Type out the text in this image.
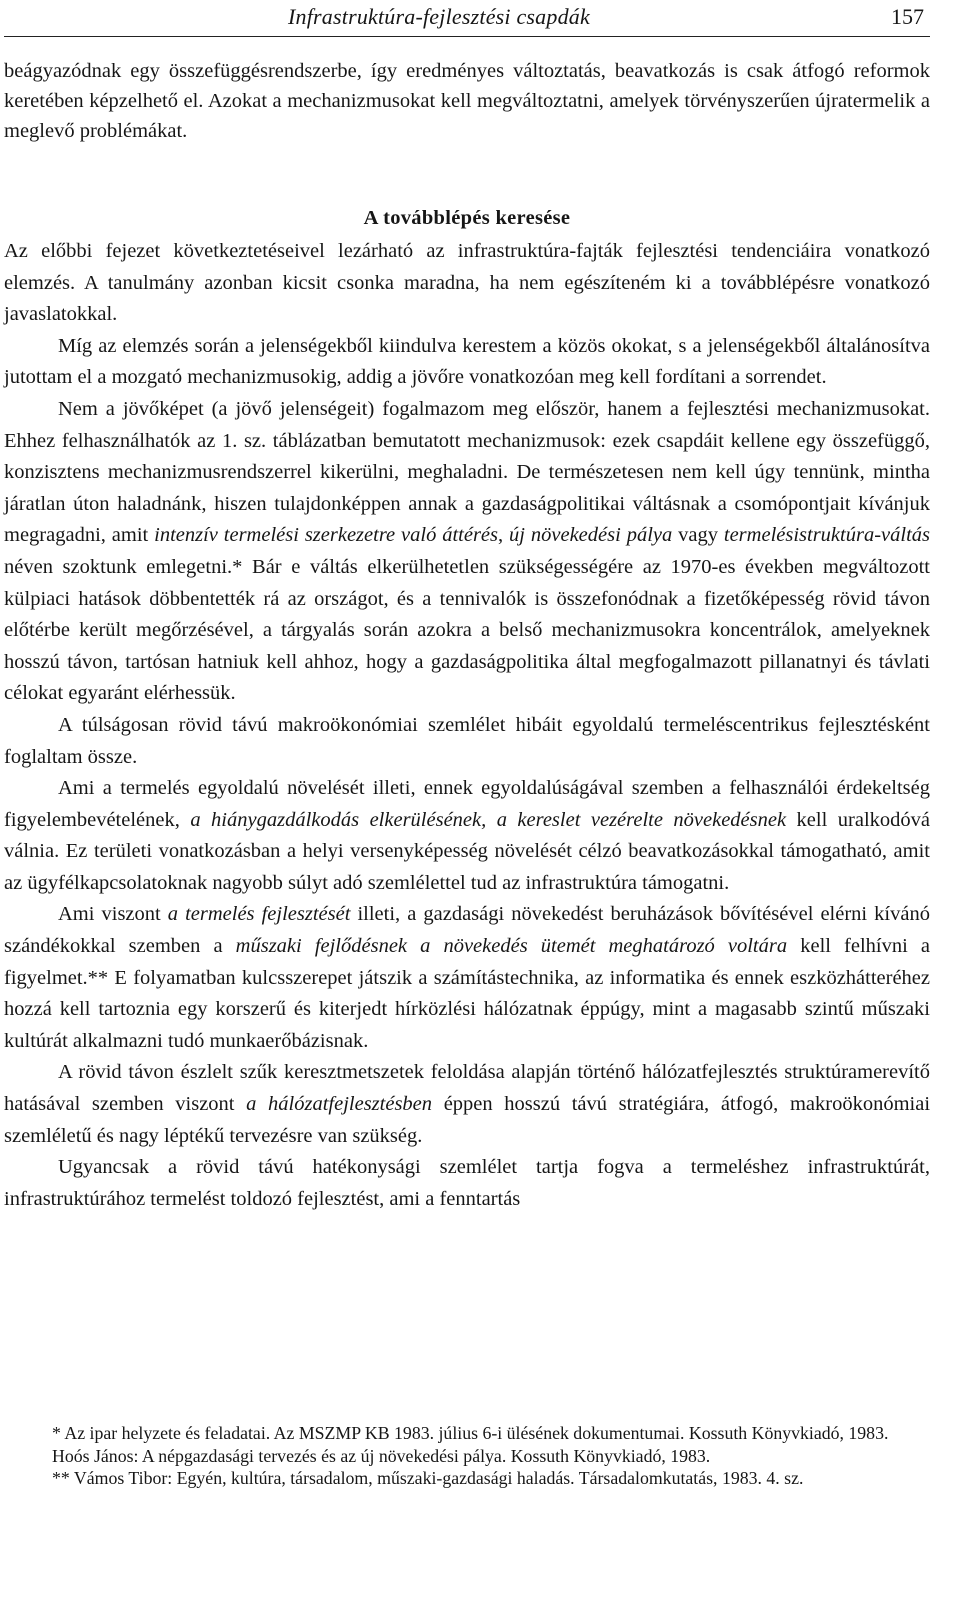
Infrastruktúra-fejlesztési csapdák	157

beágyazódnak egy összefüggésrendszerbe, így eredményes változtatás, beavatkozás is csak átfogó reformok keretében képzelhető el. Azokat a mechanizmusokat kell megváltoztatni, amelyek törvényszerűen újratermelik a meglevő problémákat.

A továbblépés keresése

Az előbbi fejezet következtetéseivel lezárható az infrastruktúra-fajták fejlesztési tendenciáira vonatkozó elemzés. A tanulmány azonban kicsit csonka maradna, ha nem egészíteném ki a továbblépésre vonatkozó javaslatokkal.

Míg az elemzés során a jelenségekből kiindulva kerestem a közös okokat, s a jelenségekből általánosítva jutottam el a mozgató mechanizmusokig, addig a jövőre vonatkozóan meg kell fordítani a sorrendet.

Nem a jövőképet (a jövő jelenségeit) fogalmazom meg először, hanem a fejlesztési mechanizmusokat. Ehhez felhasználhatók az 1. sz. táblázatban bemutatott mechanizmusok: ezek csapdáit kellene egy összefüggő, konzisztens mechanizmusrendszerrel kikerülni, meghaladni. De természetesen nem kell úgy tennünk, mintha járatlan úton haladnánk, hiszen tulajdonképpen annak a gazdaságpolitikai váltásnak a csomópontjait kívánjuk megragadni, amit intenzív termelési szerkezetre való áttérés, új növekedési pálya vagy termelésistruktúra-váltás néven szoktunk emlegetni.* Bár e váltás elkerülhetetlen szükségességére az 1970-es években megváltozott külpiaci hatások döbbentették rá az országot, és a tennivalók is összefonódnak a fizetőképesség rövid távon előtérbe került megőrzésével, a tárgyalás során azokra a belső mechanizmusokra koncentrálok, amelyeknek hosszú távon, tartósan hatniuk kell ahhoz, hogy a gazdaságpolitika által megfogalmazott pillanatnyi és távlati célokat egyaránt elérhessük.

A túlságosan rövid távú makroökonómiai szemlélet hibáit egyoldalú termeléscentrikus fejlesztésként foglaltam össze.

Ami a termelés egyoldalú növelését illeti, ennek egyoldalúságával szemben a felhasználói érdekeltség figyelembevételének, a hiánygazdálkodás elkerülésének, a kereslet vezérelte növekedésnek kell uralkodóvá válnia. Ez területi vonatkozásban a helyi versenyképesség növelését célzó beavatkozásokkal támogatható, amit az ügyfélkapcsolatoknak nagyobb súlyt adó szemlélettel tud az infrastruktúra támogatni.

Ami viszont a termelés fejlesztését illeti, a gazdasági növekedést beruházások bővítésével elérni kívánó szándékokkal szemben a műszaki fejlődésnek a növekedés ütemét meghatározó voltára kell felhívni a figyelmet.** E folyamatban kulcsszerepet játszik a számítástechnika, az informatika és ennek eszközhátteréhez hozzá kell tartoznia egy korszerű és kiterjedt hírközlési hálózatnak éppúgy, mint a magasabb szintű műszaki kultúrát alkalmazni tudó munkaerőbázisnak.

A rövid távon észlelt szűk keresztmetszetek feloldása alapján történő hálózatfejlesztés struktúramerevítő hatásával szemben viszont a hálózatfejlesztésben éppen hosszú távú stratégiára, átfogó, makroökonómiai szemléletű és nagy léptékű tervezésre van szükség.

Ugyancsak a rövid távú hatékonysági szemlélet tartja fogva a termeléshez infrastruktúrát, infrastruktúrához termelést toldozó fejlesztést, ami a fenntartás

* Az ipar helyzete és feladatai. Az MSZMP KB 1983. július 6-i ülésének dokumentumai. Kossuth Könyvkiadó, 1983.

Hoós János: A népgazdasági tervezés és az új növekedési pálya. Kossuth Könyvkiadó, 1983.

** Vámos Tibor: Egyén, kultúra, társadalom, műszaki-gazdasági haladás. Társadalomkutatás, 1983. 4. sz.
